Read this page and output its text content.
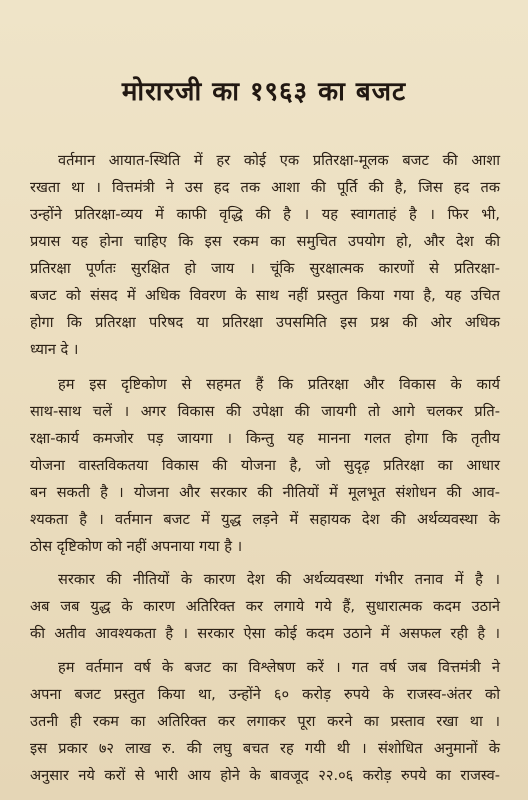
मोरारजी का १९६३ का बजट
वर्तमान आयात-स्थिति में हर कोई एक प्रतिरक्षा-मूलक बजट की आशा
रखता था । वित्तमंत्री ने उस हद तक आशा की पूर्ति की है, जिस हद तक
उन्होंने प्रतिरक्षा-व्यय में काफी वृद्धि की है । यह स्वागताहं है । फिर भी,
प्रयास यह होना चाहिए कि इस रकम का समुचित उपयोग हो, और देश की
प्रतिरक्षा पूर्णतः सुरक्षित हो जाय । चूंकि सुरक्षात्मक कारणों से प्रतिरक्षा-
बजट को संसद में अधिक विवरण के साथ नहीं प्रस्तुत किया गया है, यह उचित
होगा कि प्रतिरक्षा परिषद या प्रतिरक्षा उपसमिति इस प्रश्न की ओर अधिक
ध्यान दे ।
हम इस दृष्टिकोण से सहमत हैं कि प्रतिरक्षा और विकास के कार्य
साथ-साथ चलें । अगर विकास की उपेक्षा की जायगी तो आगे चलकर प्रति-
रक्षा-कार्य कमजोर पड़ जायगा । किन्तु यह मानना गलत होगा कि तृतीय
योजना वास्तविकतया विकास की योजना है, जो सुदृढ़ प्रतिरक्षा का आधार
बन सकती है । योजना और सरकार की नीतियों में मूलभूत संशोधन की आव-
श्यकता है । वर्तमान बजट में युद्ध लड़ने में सहायक देश की अर्थव्यवस्था के
ठोस दृष्टिकोण को नहीं अपनाया गया है ।
सरकार की नीतियों के कारण देश की अर्थव्यवस्था गंभीर तनाव में है ।
अब जब युद्ध के कारण अतिरिक्त कर लगाये गये हैं, सुधारात्मक कदम उठाने
की अतीव आवश्यकता है । सरकार ऐसा कोई कदम उठाने में असफल रही है ।
हम वर्तमान वर्ष के बजट का विश्लेषण करें । गत वर्ष जब वित्तमंत्री ने
अपना बजट प्रस्तुत किया था, उन्होंने ६० करोड़ रुपये के राजस्व-अंतर को
उतनी ही रकम का अतिरिक्त कर लगाकर पूरा करने का प्रस्ताव रखा था ।
इस प्रकार ७२ लाख रु. की लघु बचत रह गयी थी । संशोधित अनुमानों के
अनुसार नये करों से भारी आय होने के बावजूद २२.०६ करोड़ रुपये का राजस्व-
